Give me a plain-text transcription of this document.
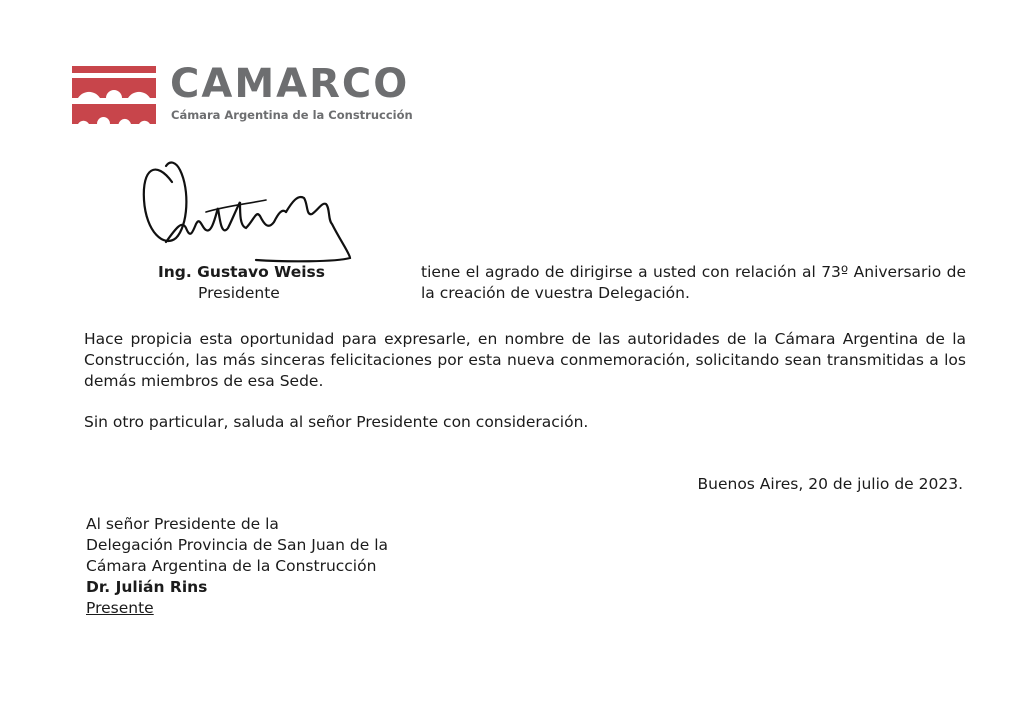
CAMARCO
Cámara Argentina de la Construcción
Ing. Gustavo Weiss
Presidente
tiene el agrado de dirigirse a usted con relación al 73º Aniversario de la creación de vuestra Delegación.
Hace propicia esta oportunidad para expresarle, en nombre de las autoridades de la Cámara Argentina de la Construcción, las más sinceras felicitaciones por esta nueva conmemoración, solicitando sean transmitidas a los demás miembros de esa Sede.
Sin otro particular, saluda al señor Presidente con consideración.
Buenos Aires, 20 de julio de 2023.
Al señor Presidente de la
Delegación Provincia de San Juan de la
Cámara Argentina de la Construcción
Dr. Julián Rins
Presente
